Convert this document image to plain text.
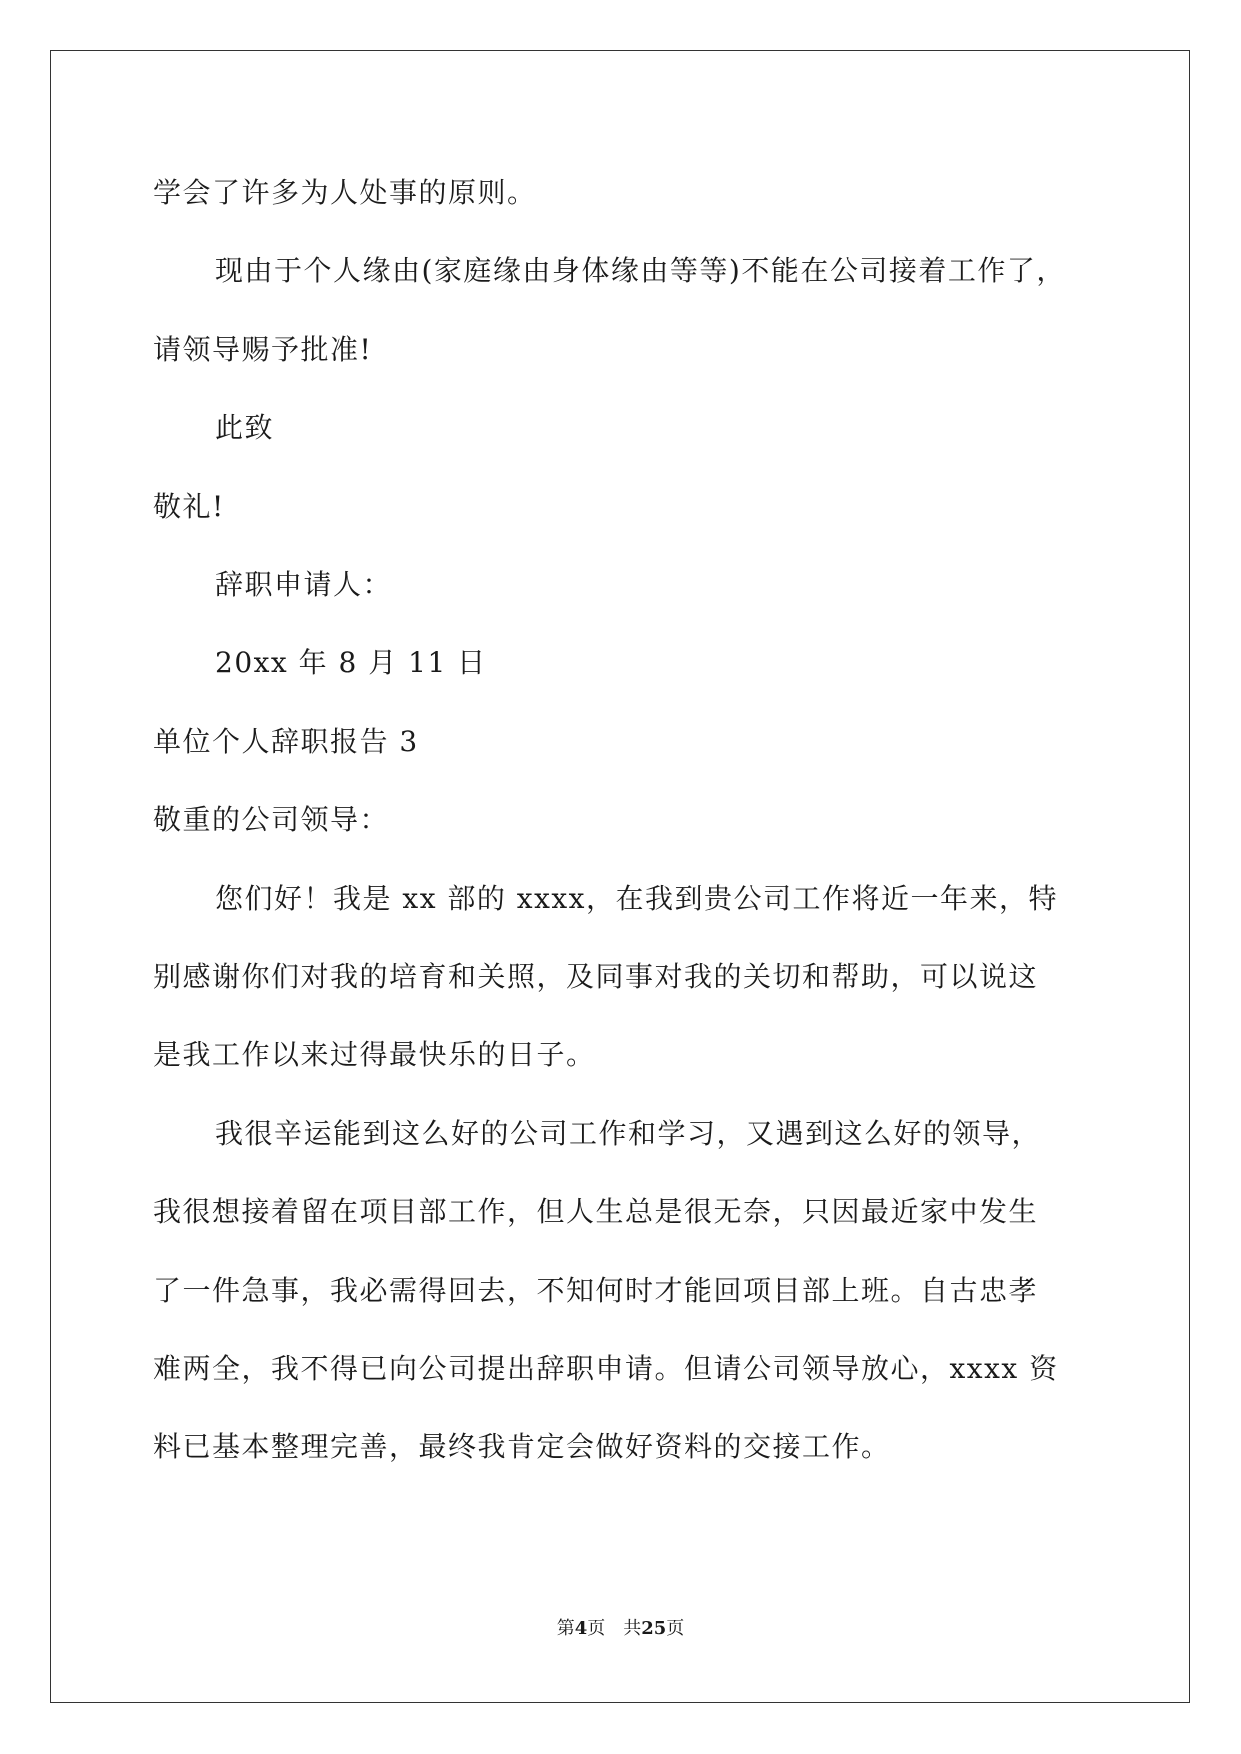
学会了许多为人处事的原则。
现由于个人缘由(家庭缘由身体缘由等等)不能在公司接着工作了，
请领导赐予批准!
此致
敬礼!
辞职申请人：
20xx 年 8 月 11 日
单位个人辞职报告 3
敬重的公司领导：
您们好！我是 xx 部的 xxxx，在我到贵公司工作将近一年来，特
别感谢你们对我的培育和关照，及同事对我的关切和帮助，可以说这
是我工作以来过得最快乐的日子。
我很辛运能到这么好的公司工作和学习，又遇到这么好的领导，
我很想接着留在项目部工作，但人生总是很无奈，只因最近家中发生
了一件急事，我必需得回去，不知何时才能回项目部上班。自古忠孝
难两全，我不得已向公司提出辞职申请。但请公司领导放心，xxxx 资
料已基本整理完善，最终我肯定会做好资料的交接工作。
第4页 共25页
